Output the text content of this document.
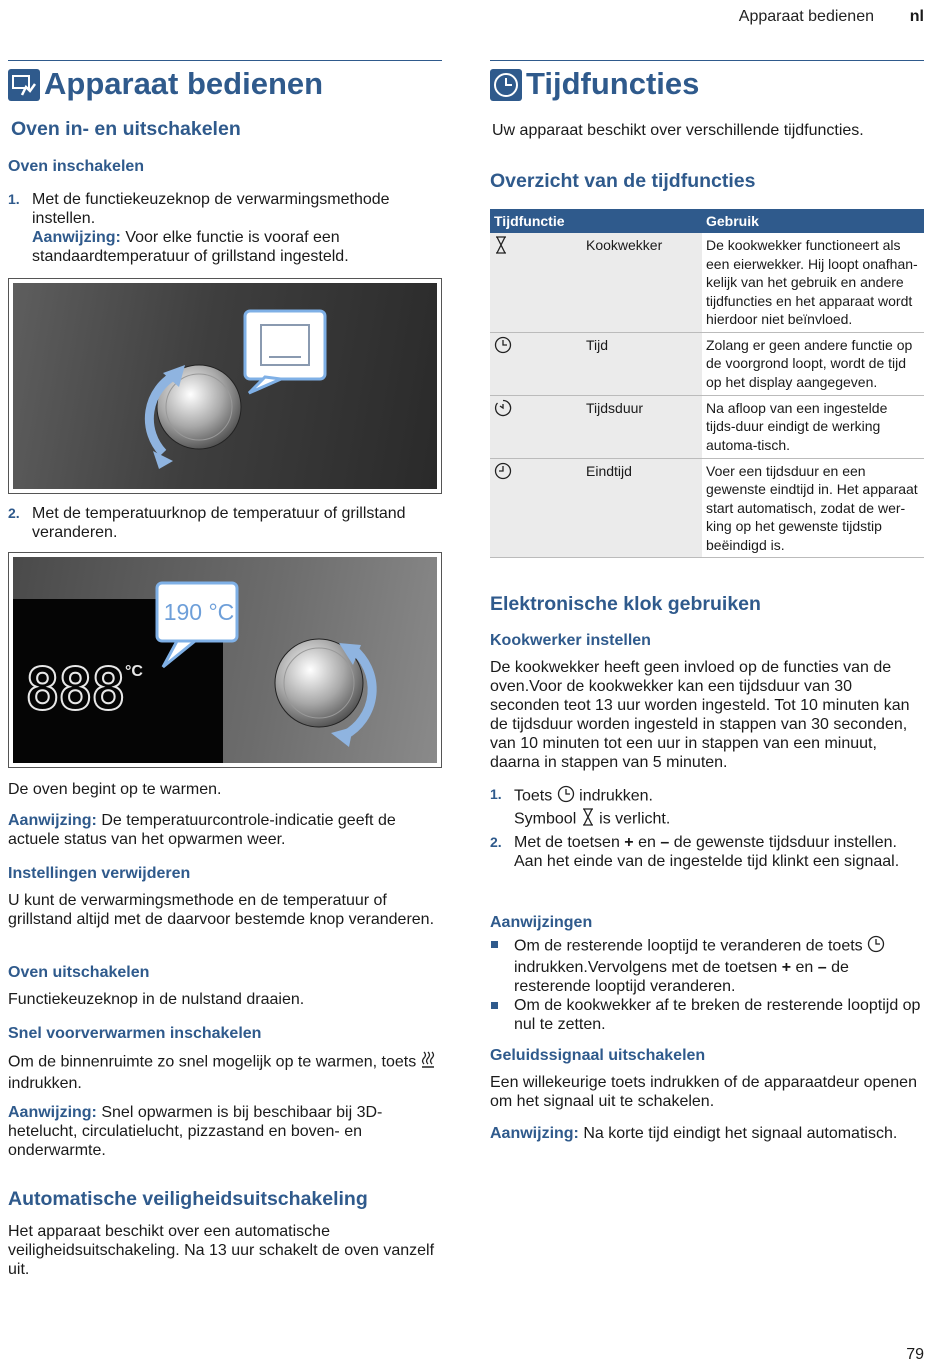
Apparaat bedienen nl
Apparaat bedienen
Oven in- en uitschakelen
Oven inschakelen
1. Met de functiekeuzeknop de verwarmingsmethode instellen.
Aanwijzing: Voor elke functie is vooraf een standaardtemperatuur of grillstand ingesteld.
2. Met de temperatuurknop de temperatuur of grillstand veranderen.
190 °C
888 °C
De oven begint op te warmen.
Aanwijzing: De temperatuurcontrole-indicatie geeft de actuele status van het opwarmen weer.
Instellingen verwijderen
U kunt de verwarmingsmethode en de temperatuur of grillstand altijd met de daarvoor bestemde knop veranderen.
Oven uitschakelen
Functiekeuzeknop in de nulstand draaien.
Snel voorverwarmen inschakelen
Om de binnenruimte zo snel mogelijk op te warmen, toets  indrukken.
Aanwijzing: Snel opwarmen is bij beschibaar bij 3D-hetelucht, circulatielucht, pizzastand en boven- en onderwarmte.
Automatische veiligheidsuitschakeling
Het apparaat beschikt over een automatische veiligheidsuitschakeling. Na 13 uur schakelt de oven vanzelf uit.
Tijdfuncties
Uw apparaat beschikt over verschillende tijdfuncties.
Overzicht van de tijdfuncties
Tijdfunctie		Gebruik
	Kookwekker	De kookwekker functioneert als een eierwekker. Hij loopt onafhan-kelijk van het gebruik en andere tijdfuncties en het apparaat wordt hierdoor niet beïnvloed.
	Tijd	Zolang er geen andere functie op de voorgrond loopt, wordt de tijd op het display aangegeven.
	Tijdsduur	Na afloop van een ingestelde tijds-duur eindigt de werking automa-tisch.
	Eindtijd	Voer een tijdsduur en een gewenste eindtijd in. Het apparaat start automatisch, zodat de wer-king op het gewenste tijdstip beëindigd is.
Elektronische klok gebruiken
Kookwerker instellen
De kookwekker heeft geen invloed op de functies van de oven.Voor de kookwekker kan een tijdsduur van 30 seconden teot 13 uur worden ingesteld. Tot 10 minuten kan de tijdsduur worden ingesteld in stappen van 30 seconden, van 10 minuten tot een uur in stappen van een minuut, daarna in stappen van 5 minuten.
1. Toets indrukken.
Symbool is verlicht.
2. Met de toetsen + en – de gewenste tijdsduur instellen.
Aan het einde van de ingestelde tijd klinkt een signaal.
Aanwijzingen
Om de resterende looptijd te veranderen de toets  indrukken.Vervolgens met de toetsen + en – de resterende looptijd veranderen.
Om de kookwekker af te breken de resterende looptijd op nul te zetten.
Geluidssignaal uitschakelen
Een willekeurige toets indrukken of de apparaatdeur openen om het signaal uit te schakelen.
Aanwijzing: Na korte tijd eindigt het signaal automatisch.
79
